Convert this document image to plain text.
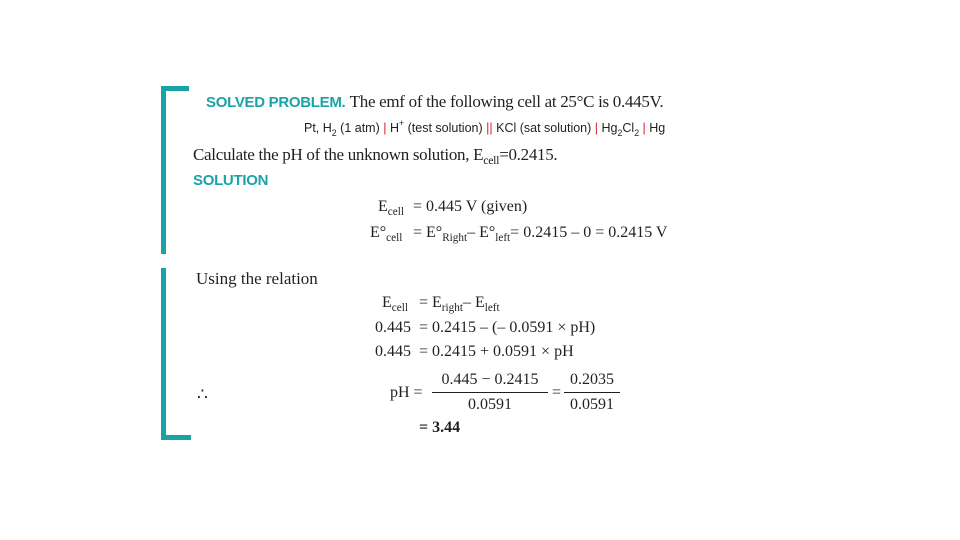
SOLVED PROBLEM. The emf of the following cell at 25°C is 0.445V.
Pt, $H_2$ (1 atm) | H+ (test solution) || KCl (sat solution) | $Hg_2Cl_2$ | Hg
Calculate the pH of the unknown solution, $E_{cell}=0.2415$.
SOLUTION
$E_{cell} = 0.445$ V (given)
$E^\circ_{cell} = E^\circ_{Right}-$ $E^\circ_{left}= 0.2415 - 0 = 0.2415$ V
Using the relation
$E_{cell} = E_{right}-$ $E_{left}$
0.445 = 0.2415 – (– 0.0591 × pH)
0.445 = 0.2415 + 0.0591 × pH
∴	pH =
0.445 − 0.2415
0.0591
=
0.2035
0.0591
= 3.44
